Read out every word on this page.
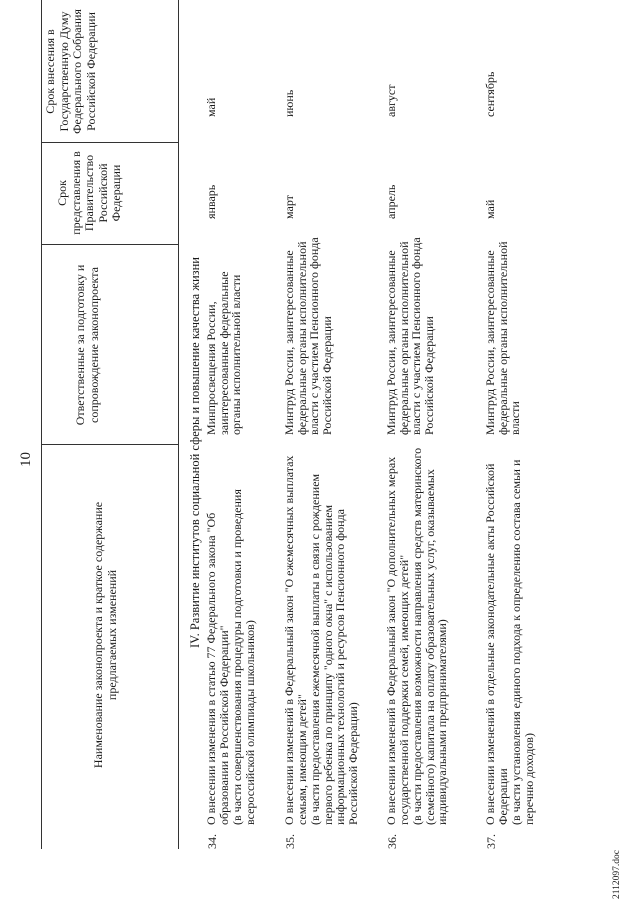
10
Наименование законопроекта и краткое содержание предлагаемых изменений
Ответственные за подготовку и сопровождение законопроекта
Срок представления в Правительство Российской Федерации
Срок внесения в Государственную Думу Федерального Собрания Российской Федерации
IV. Развитие институтов социальной сферы и повышение качества жизни
34.
О внесении изменения в статью 77 Федерального закона "Об образовании в Российской Федерации" (в части совершенствования процедуры подготовки и проведения всероссийской олимпиады школьников)
Минпросвещения России, заинтересованные федеральные органы исполнительной власти
январь
май
35.
О внесении изменений в Федеральный закон "О ежемесячных выплатах семьям, имеющим детей" (в части предоставления ежемесячной выплаты в связи с рождением первого ребенка по принципу "одного окна" с использованием информационных технологий и ресурсов Пенсионного фонда Российской Федерации)
Минтруд России, заинтересованные федеральные органы исполнительной власти с участием Пенсионного фонда Российской Федерации
март
июнь
36.
О внесении изменений в Федеральный закон "О дополнительных мерах государственной поддержки семей, имеющих детей" (в части предоставления возможности направления средств материнского (семейного) капитала на оплату образовательных услуг, оказываемых индивидуальными предпринимателями)
Минтруд России, заинтересованные федеральные органы исполнительной власти с участием Пенсионного фонда Российской Федерации
апрель
август
37.
О внесении изменений в отдельные законодательные акты Российской Федерации (в части установления единого подхода к определению состава семьи и перечню доходов)
Минтруд России, заинтересованные федеральные органы исполнительной власти
май
сентябрь
2112097.doc
